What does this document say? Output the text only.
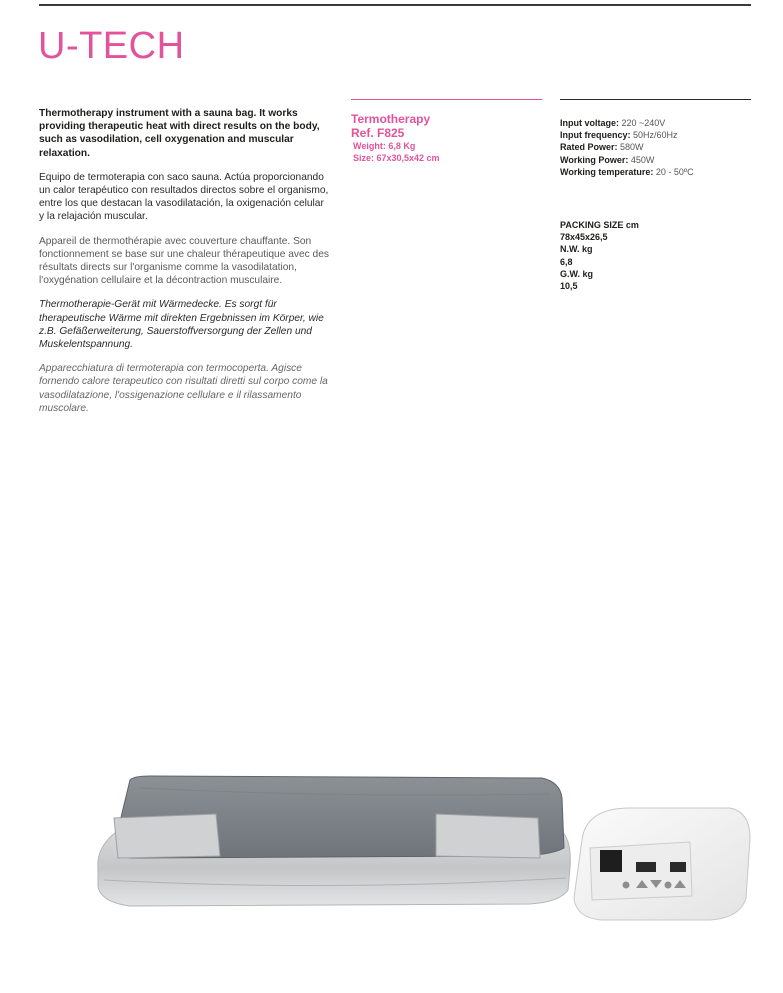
U-TECH

Thermotherapy instrument with a sauna bag. It works providing therapeutic heat with direct results on the body, such as vasodilation, cell oxygenation and muscular relaxation.

Equipo de termoterapia con saco sauna. Actúa proporcionando un calor terapéutico con resultados directos sobre el organismo, entre los que destacan la vasodilatación, la oxigenación celular y la relajación muscular.

Appareil de thermothérapie avec couverture chauffante. Son fonctionnement se base sur une chaleur thérapeutique avec des résultats directs sur l'organisme comme la vasodilatation, l'oxygénation cellulaire et la décontraction musculaire.

Thermotherapie-Gerät mit Wärmedecke. Es sorgt für therapeutische Wärme mit direkten Ergebnissen im Körper, wie z.B. Gefäßerweiterung, Sauerstoffversorgung der Zellen und Muskelentspannung.

Apparecchiatura di termoterapia con termocoperta. Agisce fornendo calore terapeutico con risultati diretti sul corpo come la vasodilatazione, l'ossigenazione cellulare e il rilassamento muscolare.

Termotherapy
Ref. F825
Weight: 6,8 Kg
Size: 67x30,5x42 cm
Input voltage: 220 ~240V
Input frequency: 50Hz/60Hz
Rated Power: 580W
Working Power: 450W
Working temperature: 20 - 50ºC
PACKING SIZE cm
78x45x26,5
N.W. kg
6,8
G.W. kg
10,5
